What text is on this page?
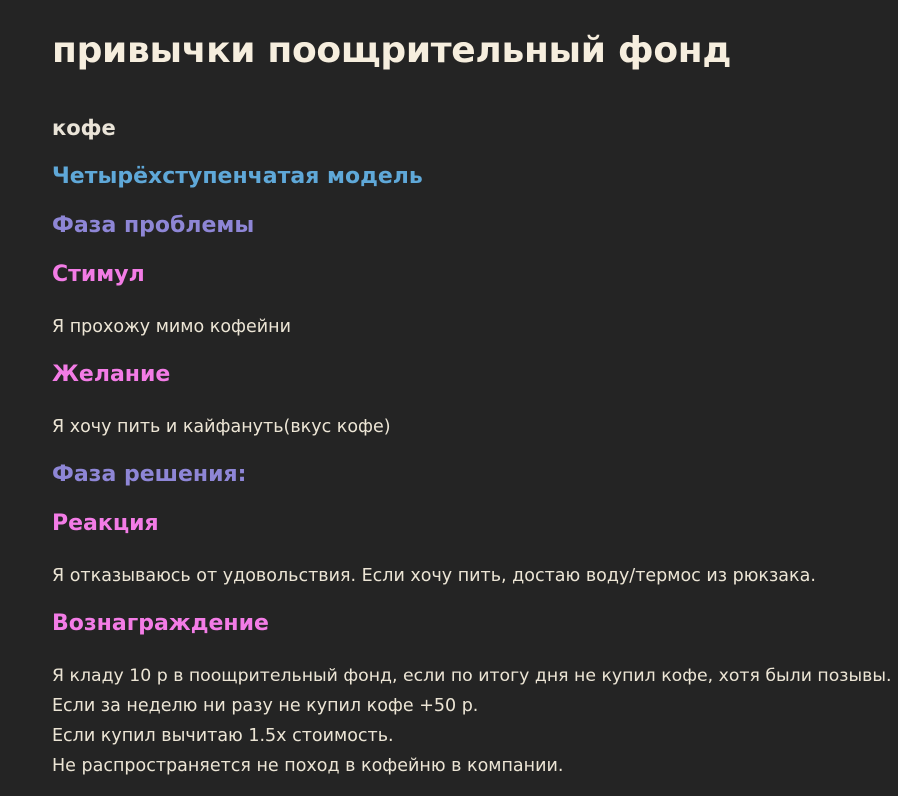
привычки поощрительный фонд
кофе
Четырёхступенчатая модель
Фаза проблемы
Стимул
Я прохожу мимо кофейни
Желание
Я хочу пить и кайфануть(вкус кофе)
Фаза решения:
Реакция
Я отказываюсь от удовольствия. Если хочу пить, достаю воду/термос из рюкзака.
Вознаграждение
Я кладу 10 р в поощрительный фонд, если по итогу дня не купил кофе, хотя были позывы.
Если за неделю ни разу не купил кофе +50 р.
Если купил вычитаю 1.5х стоимость.
Не распространяется не поход в кофейню в компании.
